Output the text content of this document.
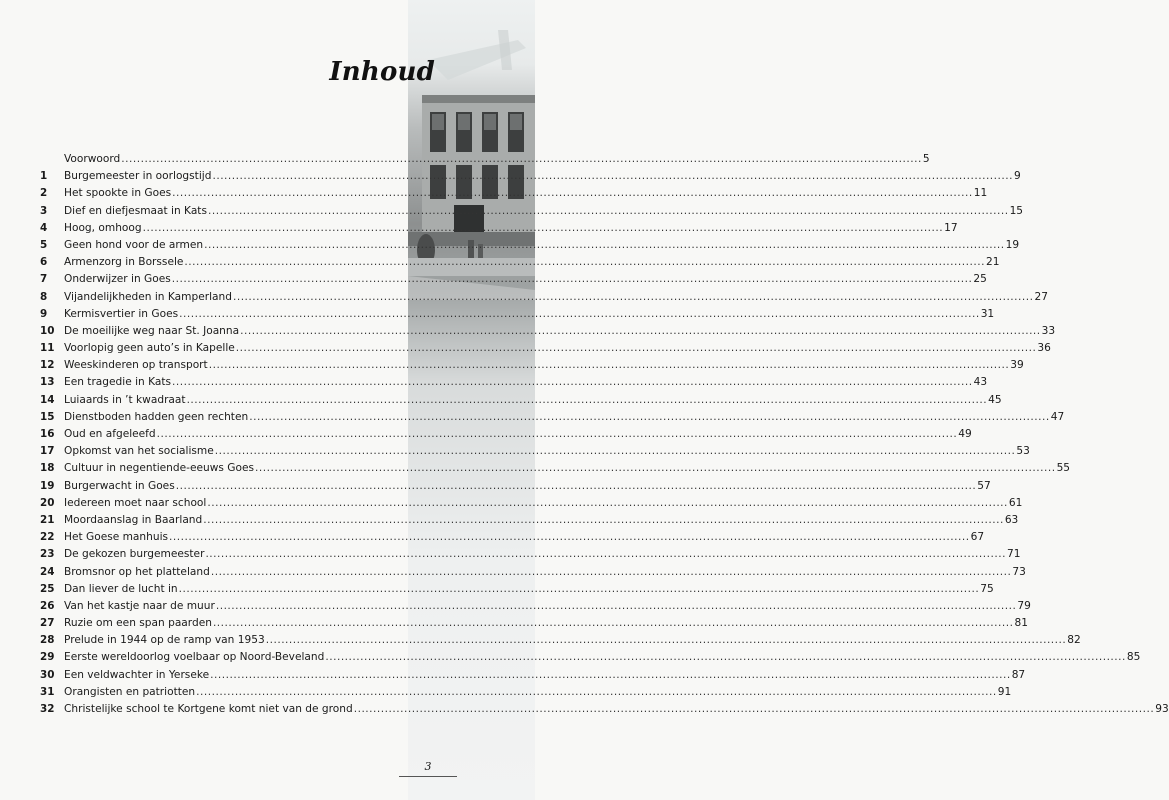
Inhoud
Voorwoord .....	5
1	Burgemeester in oorlogstijd .....	9
2	Het spookte in Goes .....	11
3	Dief en diefjesmaat in Kats .....	15
4	Hoog, omhoog .....	17
5	Geen hond voor de armen .....	19
6	Armenzorg in Borssele .....	21
7	Onderwijzer in Goes .....	25
8	Vijandelijkheden in Kamperland .....	27
9	Kermisvertier in Goes .....	31
10 De moeilijke weg naar St. Joanna .....	33
11 Voorlopig geen auto’s in Kapelle .....	36
12 Weeskinderen op transport .....	39
13 Een tragedie in Kats .....	43
14 Luiaards in ’t kwadraat .....	45
15 Dienstboden hadden geen rechten .....	47
16 Oud en afgeleefd .....	49
17 Opkomst van het socialisme .....	53
18 Cultuur in negentiende-eeuws Goes .....	55
19 Burgerwacht in Goes .....	57
20 Iedereen moet naar school .....	61
21 Moordaanslag in Baarland .....	63
22 Het Goese manhuis .....	67
23 De gekozen burgemeester .....	71
24 Bromsnor op het platteland .....	73
25 Dan liever de lucht in .....	75
26 Van het kastje naar de muur .....	79
27 Ruzie om een span paarden .....	81
28 Prelude in 1944 op de ramp van 1953 .....	82
29 Eerste wereldoorlog voelbaar op Noord-Beveland .....	85
30 Een veldwachter in Yerseke .....	87
31 Orangisten en patriotten .....	91
32 Christelijke school te Kortgene komt niet van de grond .....	93
3
